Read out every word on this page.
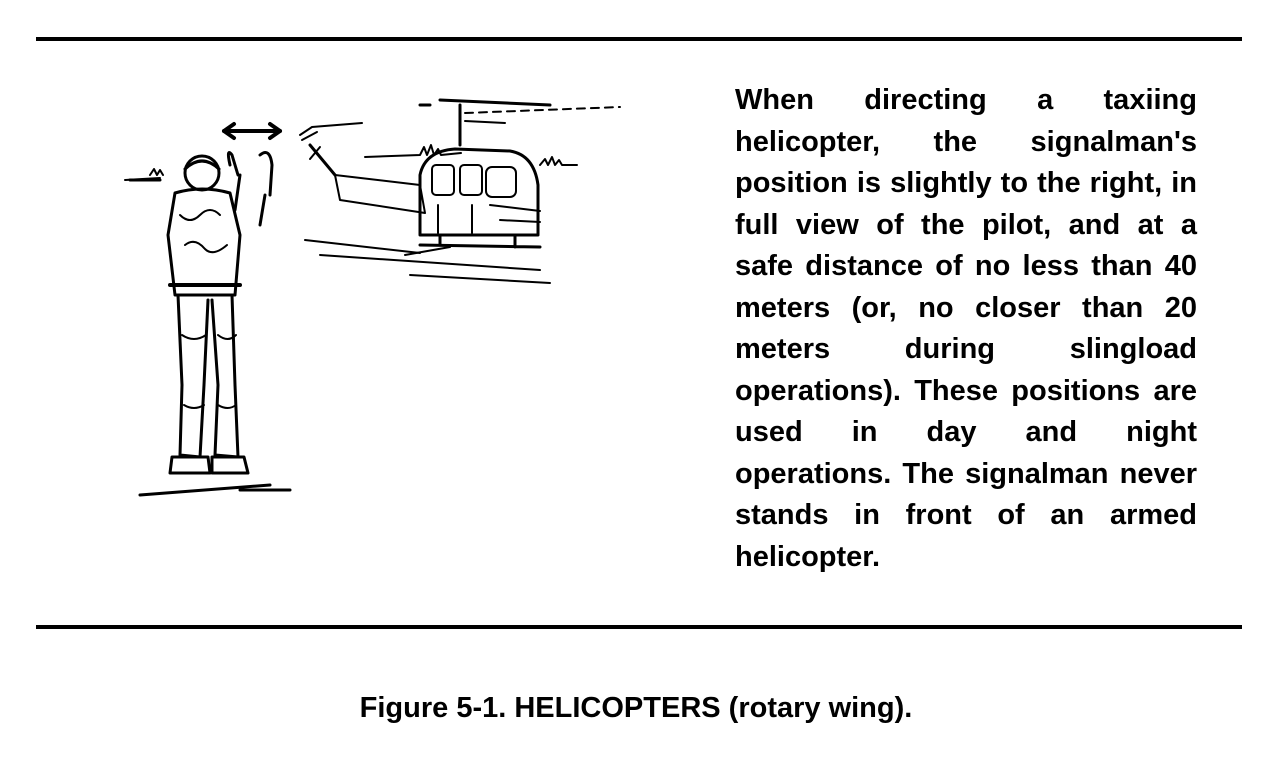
When directing a taxiing helicopter, the signalman's position is slightly to the right, in full view of the pilot, and at a safe distance of no less than 40 meters (or, no closer than 20 meters during slingload operations). These positions are used in day and night operations. The signalman never stands in front of an armed helicopter.

Figure 5-1. HELICOPTERS (rotary wing).
